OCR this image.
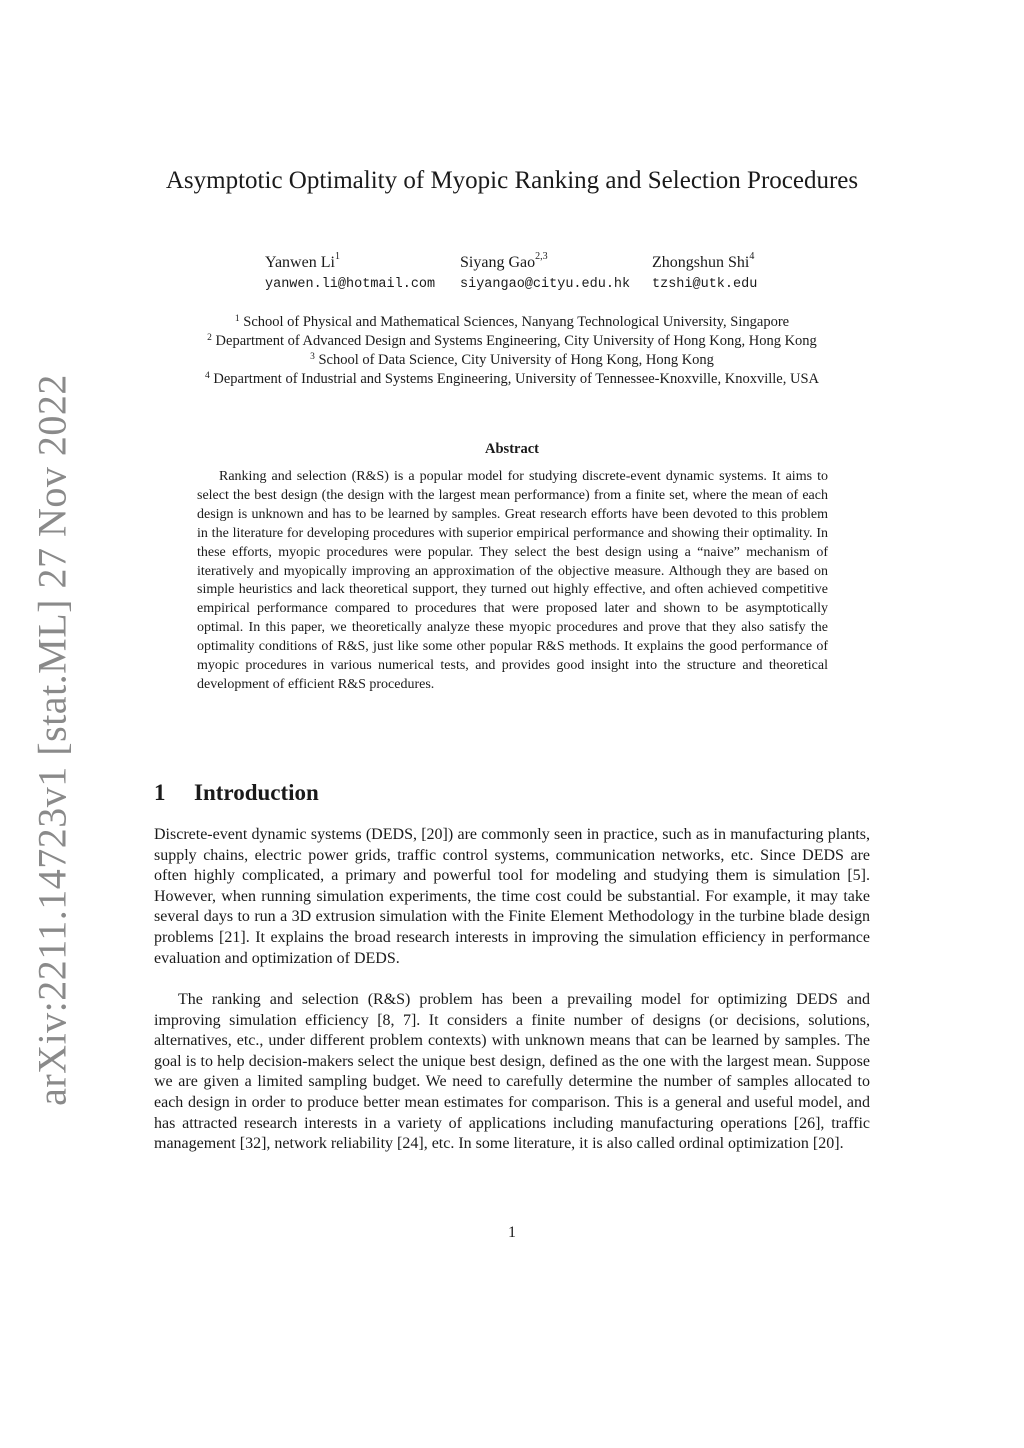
arXiv:2211.14723v1 [stat.ML] 27 Nov 2022
Asymptotic Optimality of Myopic Ranking and Selection Procedures
Yanwen Li$^1$	Siyang Gao$^{2,3}$	Zhongshun Shi$^4$
yanwen.li@hotmail.com siyangao@cityu.edu.hk tzshi@utk.edu
$^1$ School of Physical and Mathematical Sciences, Nanyang Technological University, Singapore
$^2$ Department of Advanced Design and Systems Engineering, City University of Hong Kong, Hong Kong
$^3$ School of Data Science, City University of Hong Kong, Hong Kong
$^4$ Department of Industrial and Systems Engineering, University of Tennessee-Knoxville, Knoxville, USA
Abstract

Ranking and selection (R&S) is a popular model for studying discrete-event dynamic systems. It aims to select the best design (the design with the largest mean performance) from a finite set, where the mean of each design is unknown and has to be learned by samples. Great research efforts have been devoted to this problem in the literature for developing procedures with superior empirical performance and showing their optimality. In these efforts, myopic procedures were popular. They select the best design using a “naive” mechanism of iteratively and myopically improving an approximation of the objective measure. Although they are based on simple heuristics and lack theoretical support, they turned out highly effective, and often achieved competitive empirical performance compared to procedures that were proposed later and shown to be asymptotically optimal. In this paper, we theoretically analyze these myopic procedures and prove that they also satisfy the optimality conditions of R&S, just like some other popular R&S methods. It explains the good performance of myopic procedures in various numerical tests, and provides good insight into the structure and theoretical development of efficient R&S procedures.

1 Introduction

Discrete-event dynamic systems (DEDS, [20]) are commonly seen in practice, such as in manufacturing plants, supply chains, electric power grids, traffic control systems, communication networks, etc. Since DEDS are often highly complicated, a primary and powerful tool for modeling and studying them is simulation [5]. However, when running simulation experiments, the time cost could be substantial. For example, it may take several days to run a 3D extrusion simulation with the Finite Element Methodology in the turbine blade design problems [21]. It explains the broad research interests in improving the simulation efficiency in performance evaluation and optimization of DEDS.

The ranking and selection (R&S) problem has been a prevailing model for optimizing DEDS and improving simulation efficiency [8, 7]. It considers a finite number of designs (or decisions, solutions, alternatives, etc., under different problem contexts) with unknown means that can be learned by samples. The goal is to help decision-makers select the unique best design, defined as the one with the largest mean. Suppose we are given a limited sampling budget. We need to carefully determine the number of samples allocated to each design in order to produce better mean estimates for comparison. This is a general and useful model, and has attracted research interests in a variety of applications including manufacturing operations [26], traffic management [32], network reliability [24], etc. In some literature, it is also called ordinal optimization [20].

1
